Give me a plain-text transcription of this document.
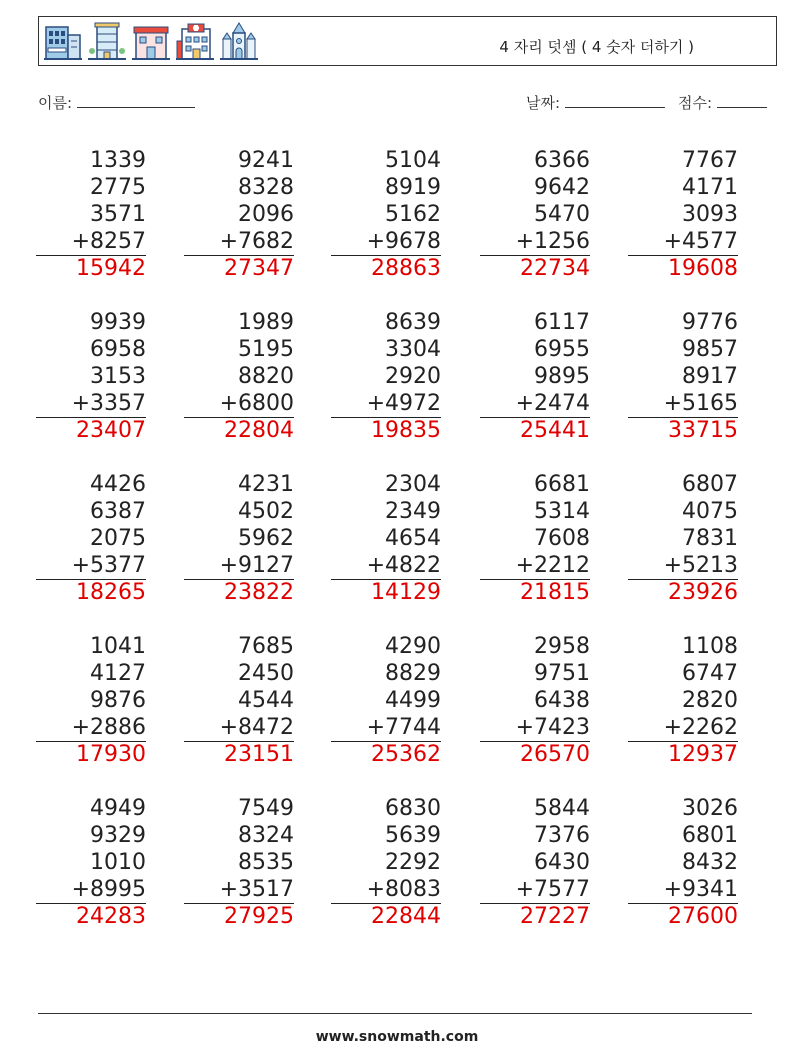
4 자리 덧셈 ( 4 숫자 더하기 )
이름:	날짜:	점수:
1339
2775
3571
+8257
15942
9241
8328
2096
+7682
27347
5104
8919
5162
+9678
28863
6366
9642
5470
+1256
22734
7767
4171
3093
+4577
19608
9939
6958
3153
+3357
23407
1989
5195
8820
+6800
22804
8639
3304
2920
+4972
19835
6117
6955
9895
+2474
25441
9776
9857
8917
+5165
33715
4426
6387
2075
+5377
18265
4231
4502
5962
+9127
23822
2304
2349
4654
+4822
14129
6681
5314
7608
+2212
21815
6807
4075
7831
+5213
23926
1041
4127
9876
+2886
17930
7685
2450
4544
+8472
23151
4290
8829
4499
+7744
25362
2958
9751
6438
+7423
26570
1108
6747
2820
+2262
12937
4949
9329
1010
+8995
24283
7549
8324
8535
+3517
27925
6830
5639
2292
+8083
22844
5844
7376
6430
+7577
27227
3026
6801
8432
+9341
27600
www.snowmath.com
